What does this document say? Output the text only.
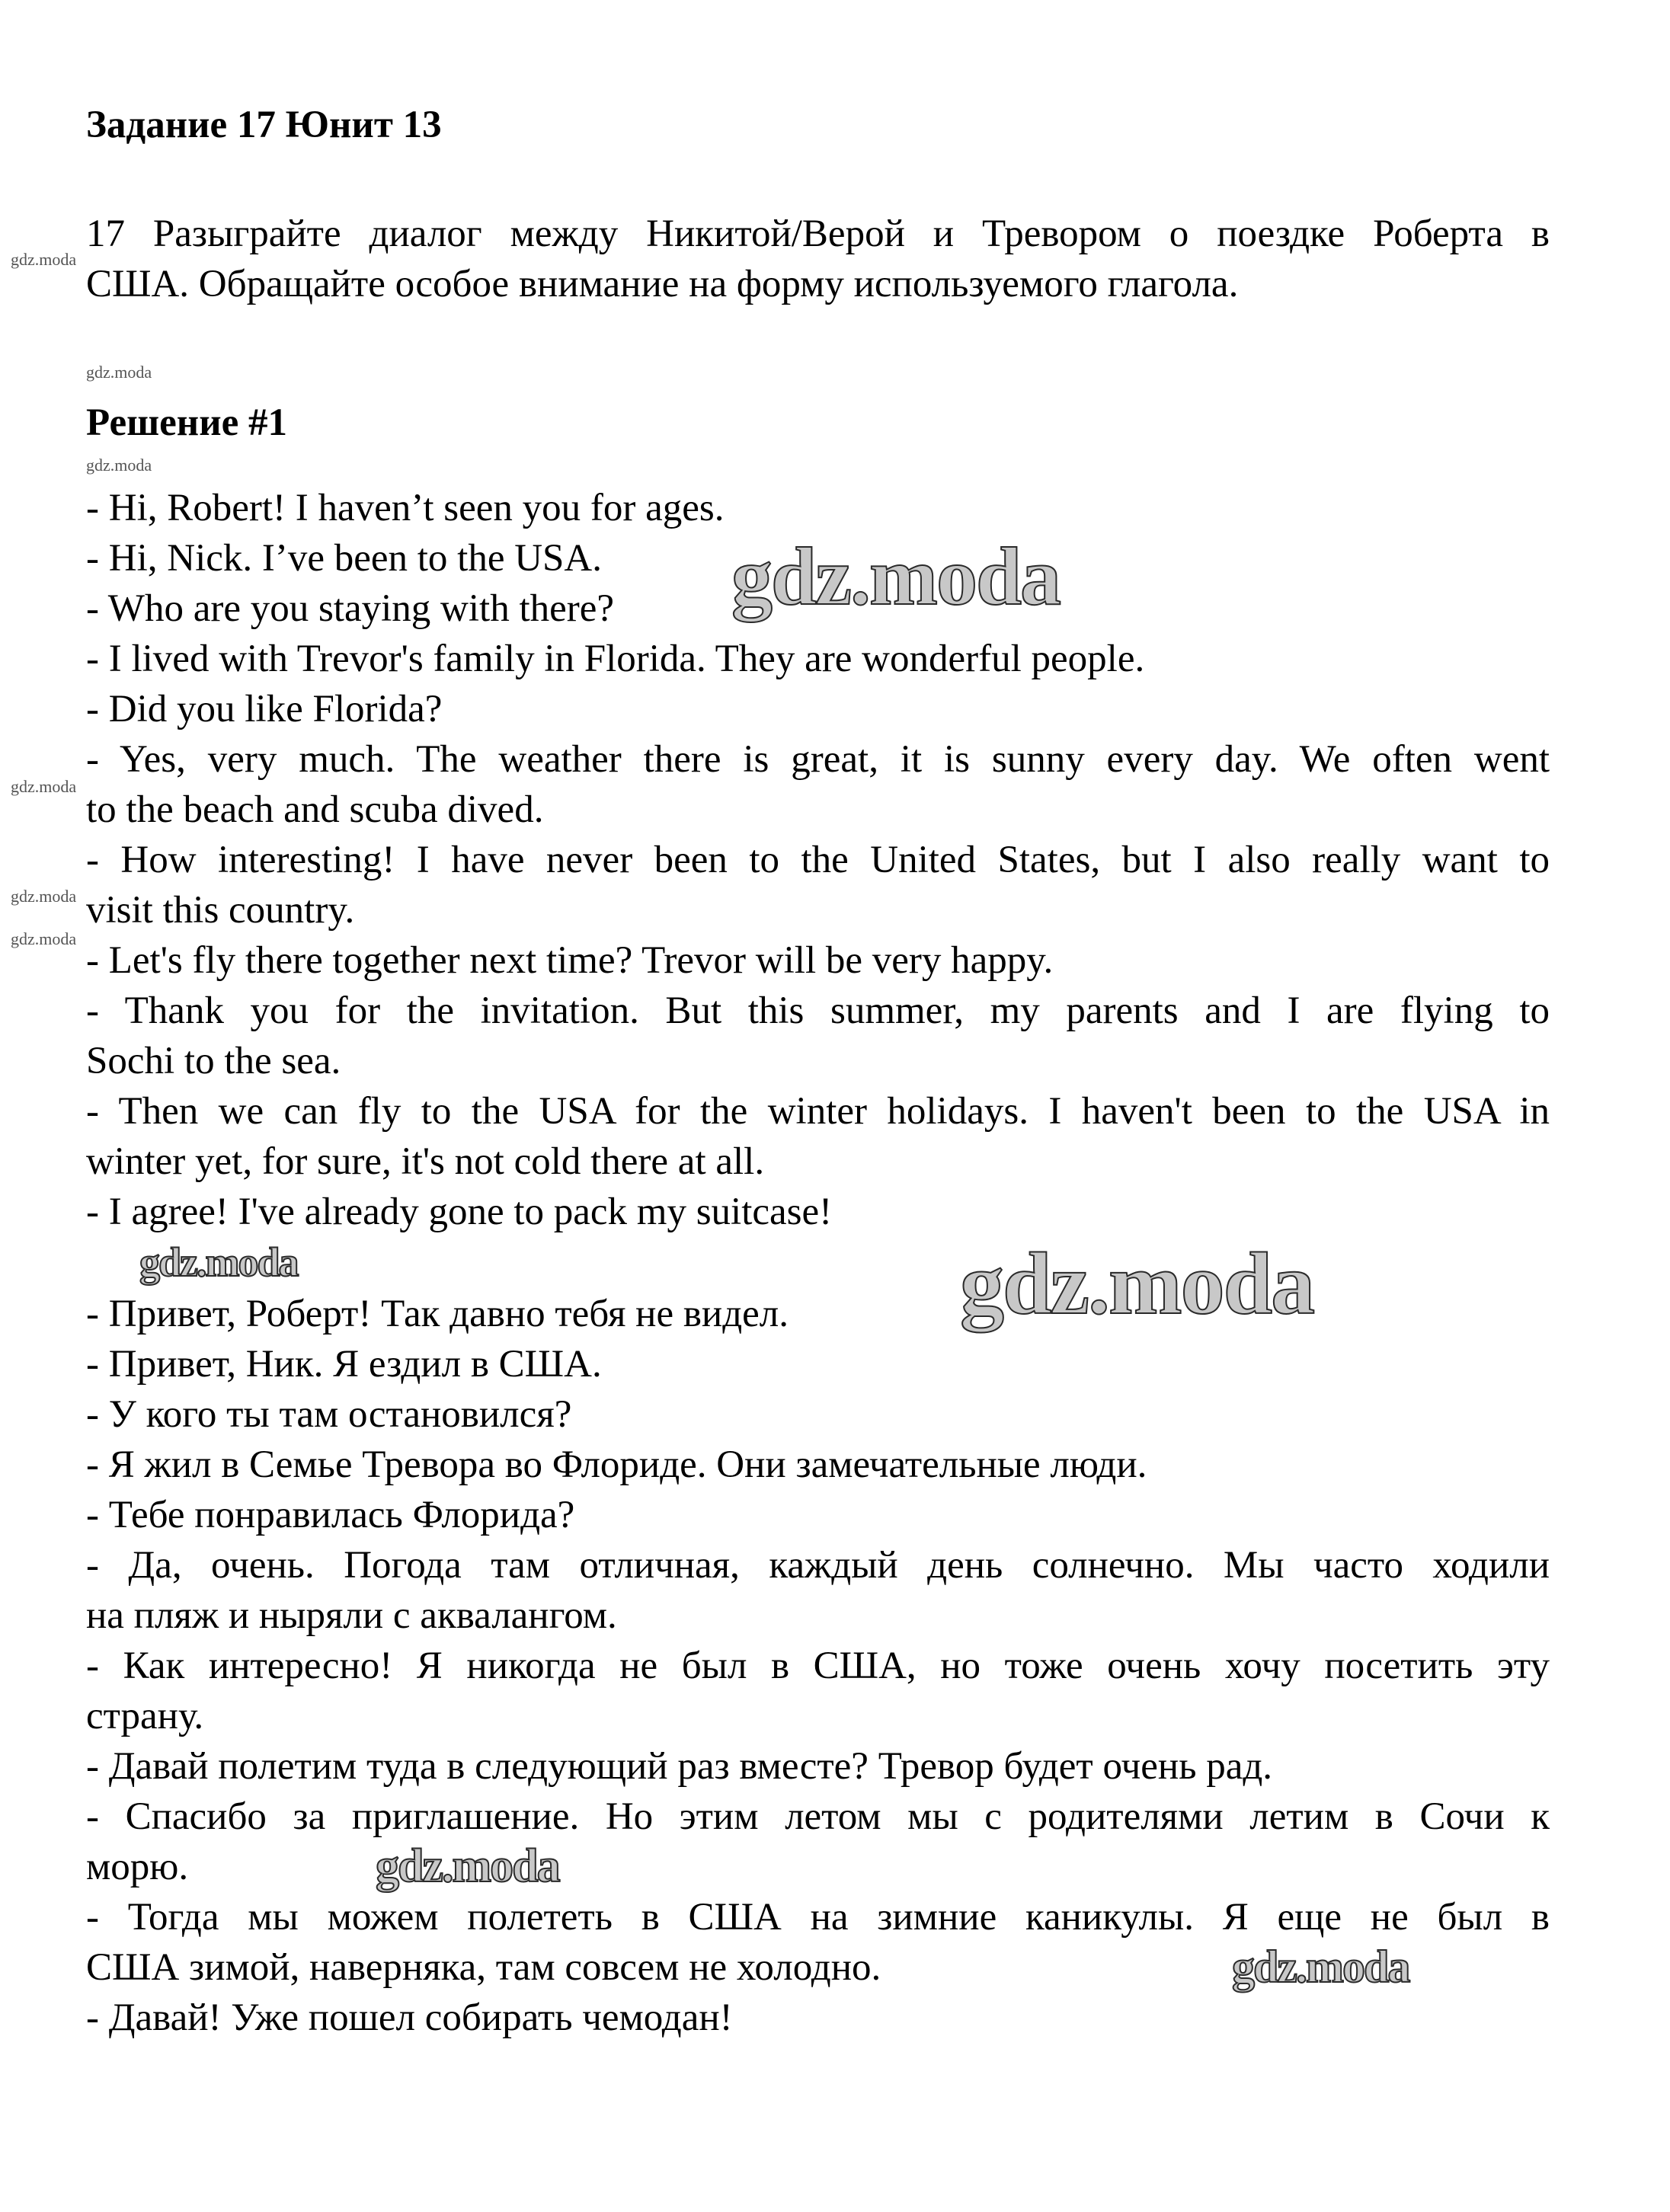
Задание 17 Юнит 13
17 Разыграйте диалог между Никитой/Верой и Тревором о поездке Роберта в
США. Обращайте особое внимание на форму используемого глагола.
Решение #1
- Hi, Robert! I haven’t seen you for ages.
- Hi, Nick. I’ve been to the USA.
- Who are you staying with there?
- I lived with Trevor's family in Florida. They are wonderful people.
- Did you like Florida?
- Yes, very much. The weather there is great, it is sunny every day. We often went
to the beach and scuba dived.
- How interesting! I have never been to the United States, but I also really want to
visit this country.
- Let's fly there together next time? Trevor will be very happy.
- Thank you for the invitation. But this summer, my parents and I are flying to
Sochi to the sea.
- Then we can fly to the USA for the winter holidays. I haven't been to the USA in
winter yet, for sure, it's not cold there at all.
- I agree! I've already gone to pack my suitcase!
- Привет, Роберт! Так давно тебя не видел.
- Привет, Ник. Я ездил в США.
- У кого ты там остановился?
- Я жил в Семье Тревора во Флориде. Они замечательные люди.
- Тебе понравилась Флорида?
- Да, очень. Погода там отличная, каждый день солнечно. Мы часто ходили
на пляж и ныряли с аквалангом.
- Как интересно! Я никогда не был в США, но тоже очень хочу посетить эту
страну.
- Давай полетим туда в следующий раз вместе? Тревор будет очень рад.
- Спасибо за приглашение. Но этим летом мы с родителями летим в Сочи к
морю.
- Тогда мы можем полететь в США на зимние каникулы. Я еще не был в
США зимой, наверняка, там совсем не холодно.
- Давай! Уже пошел собирать чемодан!
gdz.moda
gdz.moda
gdz.moda
gdz.moda
gdz.moda
gdz.moda
gdz.moda
gdz.moda
gdz.moda
gdz.moda
gdz.moda
